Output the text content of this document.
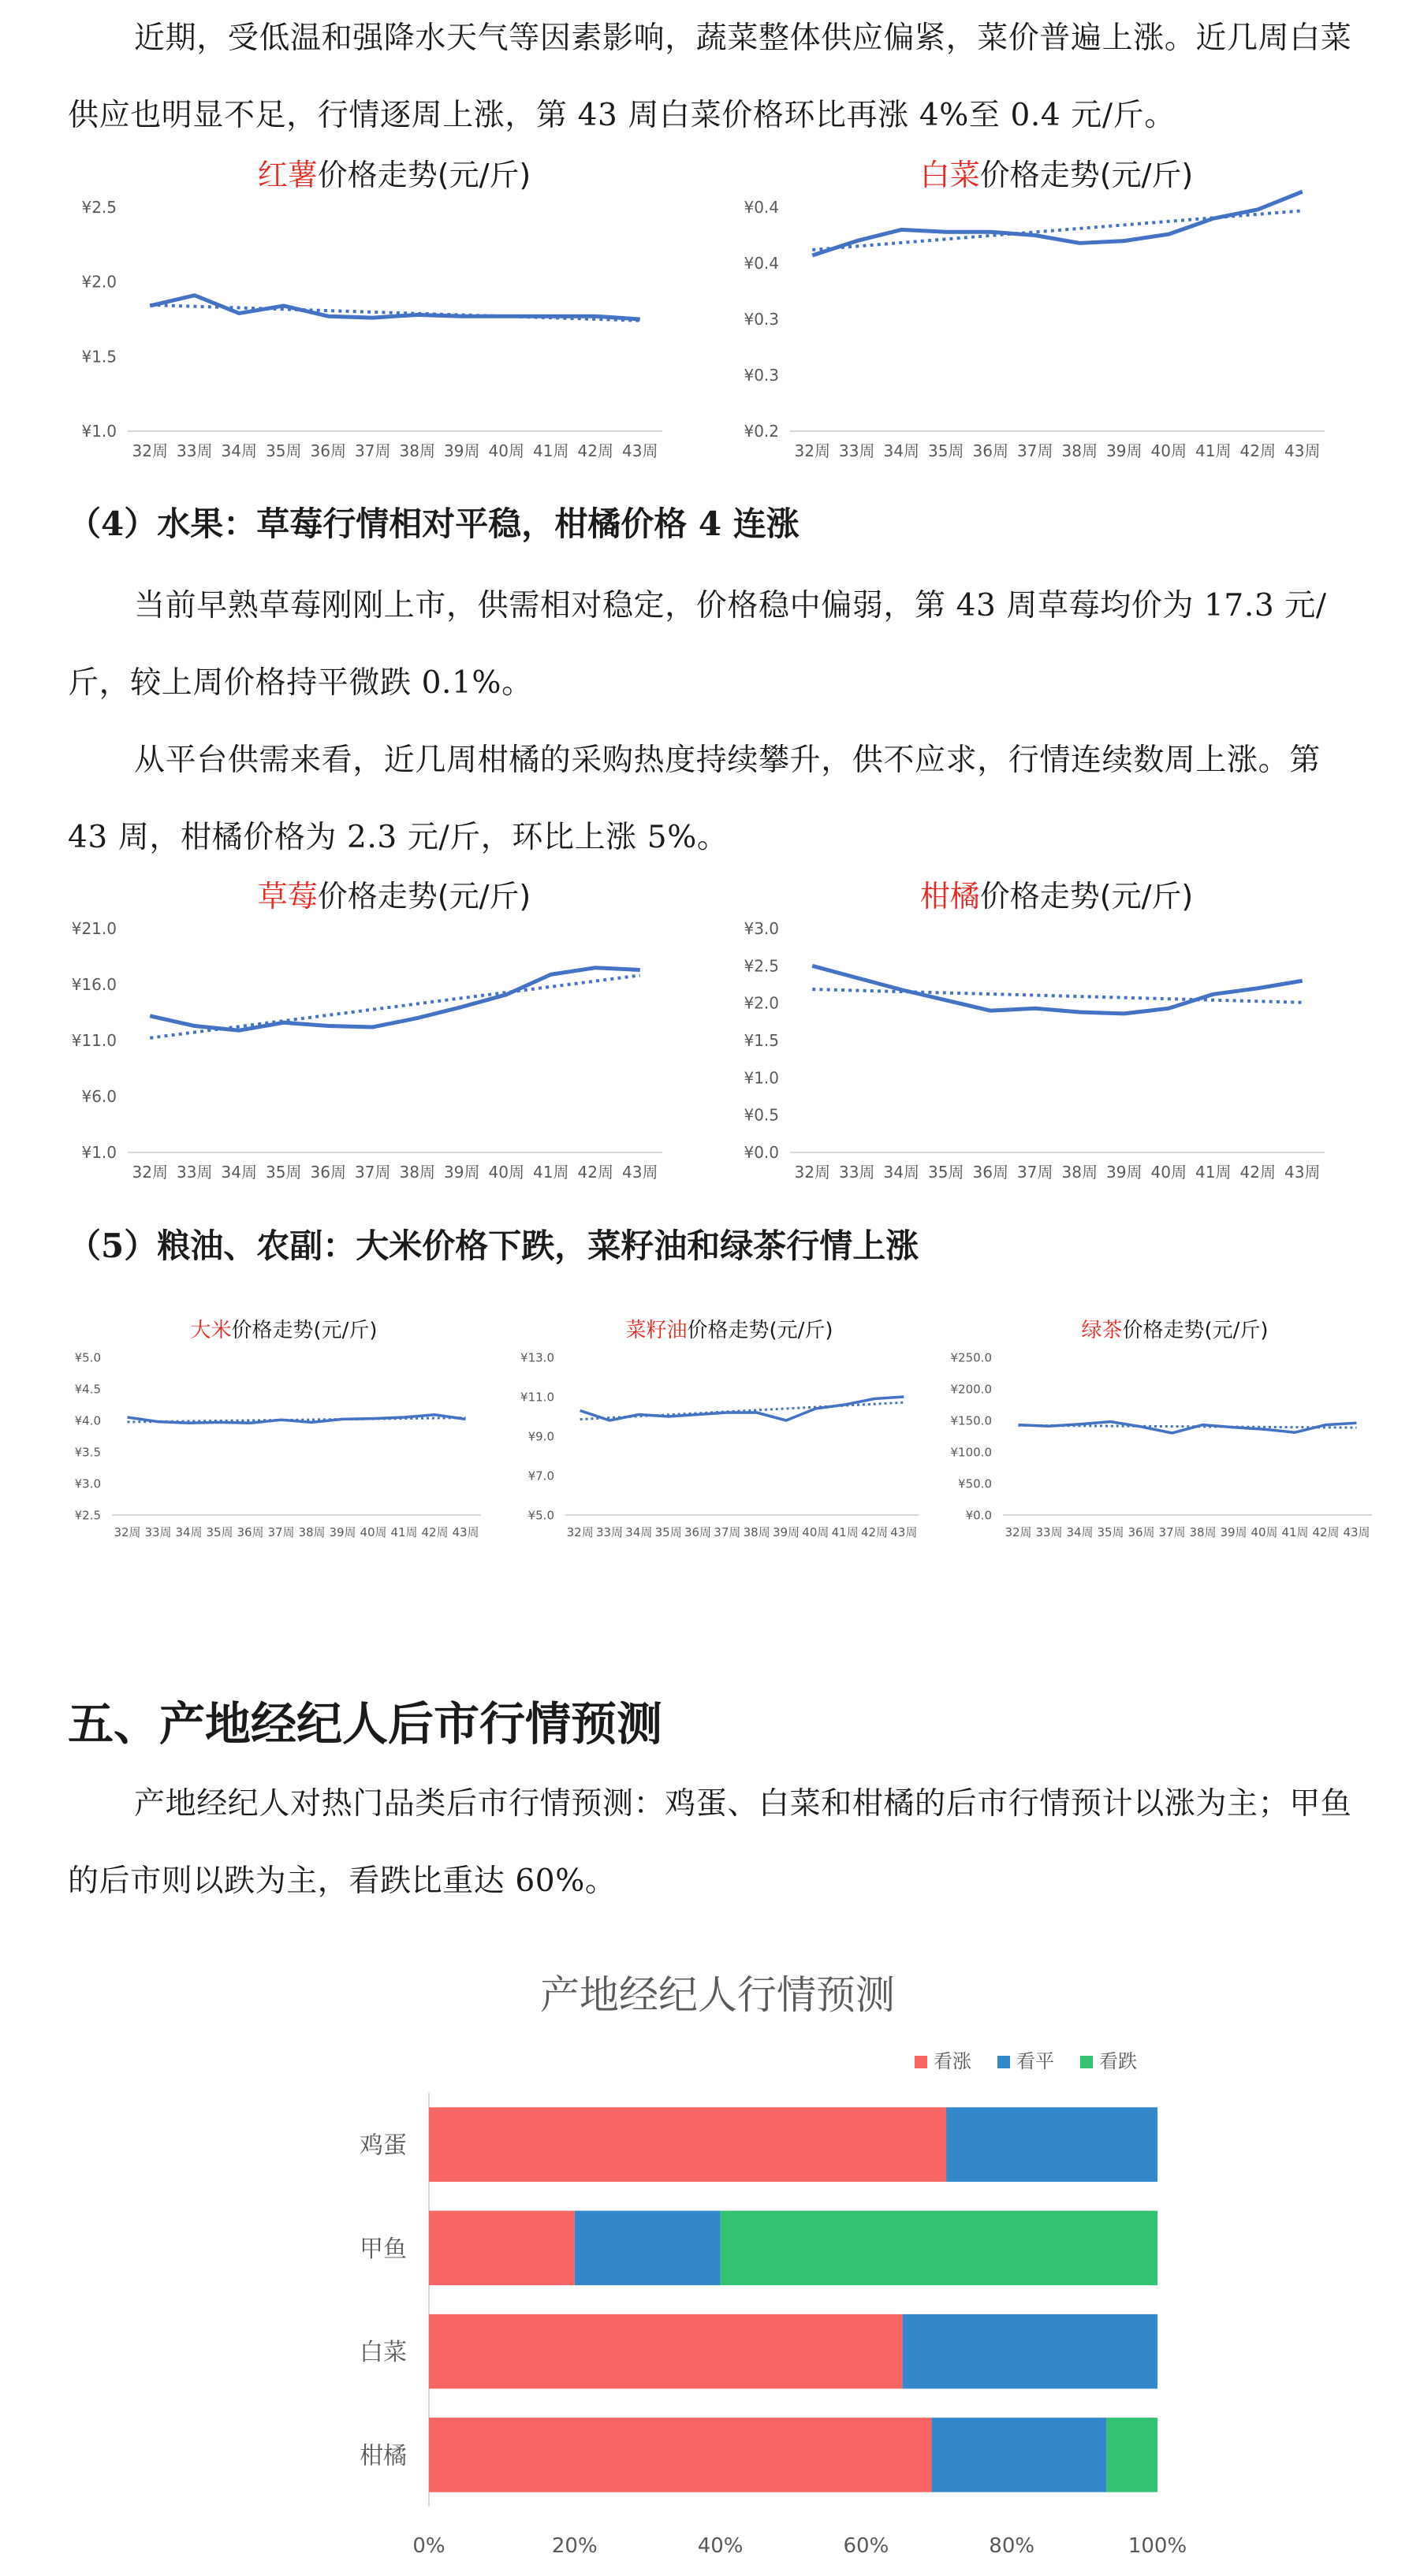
近期，受低温和强降水天气等因素影响，蔬菜整体供应偏紧，菜价普遍上涨。近几周白菜供应也明显不足，行情逐周上涨，第 43 周白菜价格环比再涨 4%至 0.4 元/斤。

红薯价格走势(元/斤)
¥2.5
¥2.0
¥1.5
¥1.0
32周 33周 34周 35周 36周 37周 38周 39周 40周 41周 42周 43周
白菜价格走势(元/斤)
¥0.4
¥0.4
¥0.3
¥0.3
¥0.2
32周 33周 34周 35周 36周 37周 38周 39周 40周 41周 42周 43周
（4）水果：草莓行情相对平稳，柑橘价格 4 连涨

当前早熟草莓刚刚上市，供需相对稳定，价格稳中偏弱，第 43 周草莓均价为 17.3 元/斤，较上周价格持平微跌 0.1%。

从平台供需来看，近几周柑橘的采购热度持续攀升，供不应求，行情连续数周上涨。第 43 周，柑橘价格为 2.3 元/斤，环比上涨 5%。

草莓价格走势(元/斤)
¥21.0
¥16.0
¥11.0
¥6.0
¥1.0
32周 33周 34周 35周 36周 37周 38周 39周 40周 41周 42周 43周
柑橘价格走势(元/斤)
¥3.0
¥2.5
¥2.0
¥1.5
¥1.0
¥0.5
¥0.0
32周 33周 34周 35周 36周 37周 38周 39周 40周 41周 42周 43周
（5）粮油、农副：大米价格下跌，菜籽油和绿茶行情上涨
大米价格走势(元/斤)
¥5.0
¥4.5
¥4.0
¥3.5
¥3.0
¥2.5
32周 33周 34周 35周 36周 37周 38周 39周 40周 41周 42周 43周
菜籽油价格走势(元/斤)
¥13.0
¥11.0
¥9.0
¥7.0
¥5.0
32周 33周 34周 35周 36周 37周 38周 39周 40周 41周 42周 43周
绿茶价格走势(元/斤)
¥250.0
¥200.0
¥150.0
¥100.0
¥50.0
¥0.0
32周 33周 34周 35周 36周 37周 38周 39周 40周 41周 42周 43周
五、产地经纪人后市行情预测

产地经纪人对热门品类后市行情预测：鸡蛋、白菜和柑橘的后市行情预计以涨为主；甲鱼的后市则以跌为主，看跌比重达 60%。

产地经纪人行情预测
看涨 看平 看跌
0%	20%	40%	60%	80%	100%
鸡蛋
甲鱼
白菜
柑橘
